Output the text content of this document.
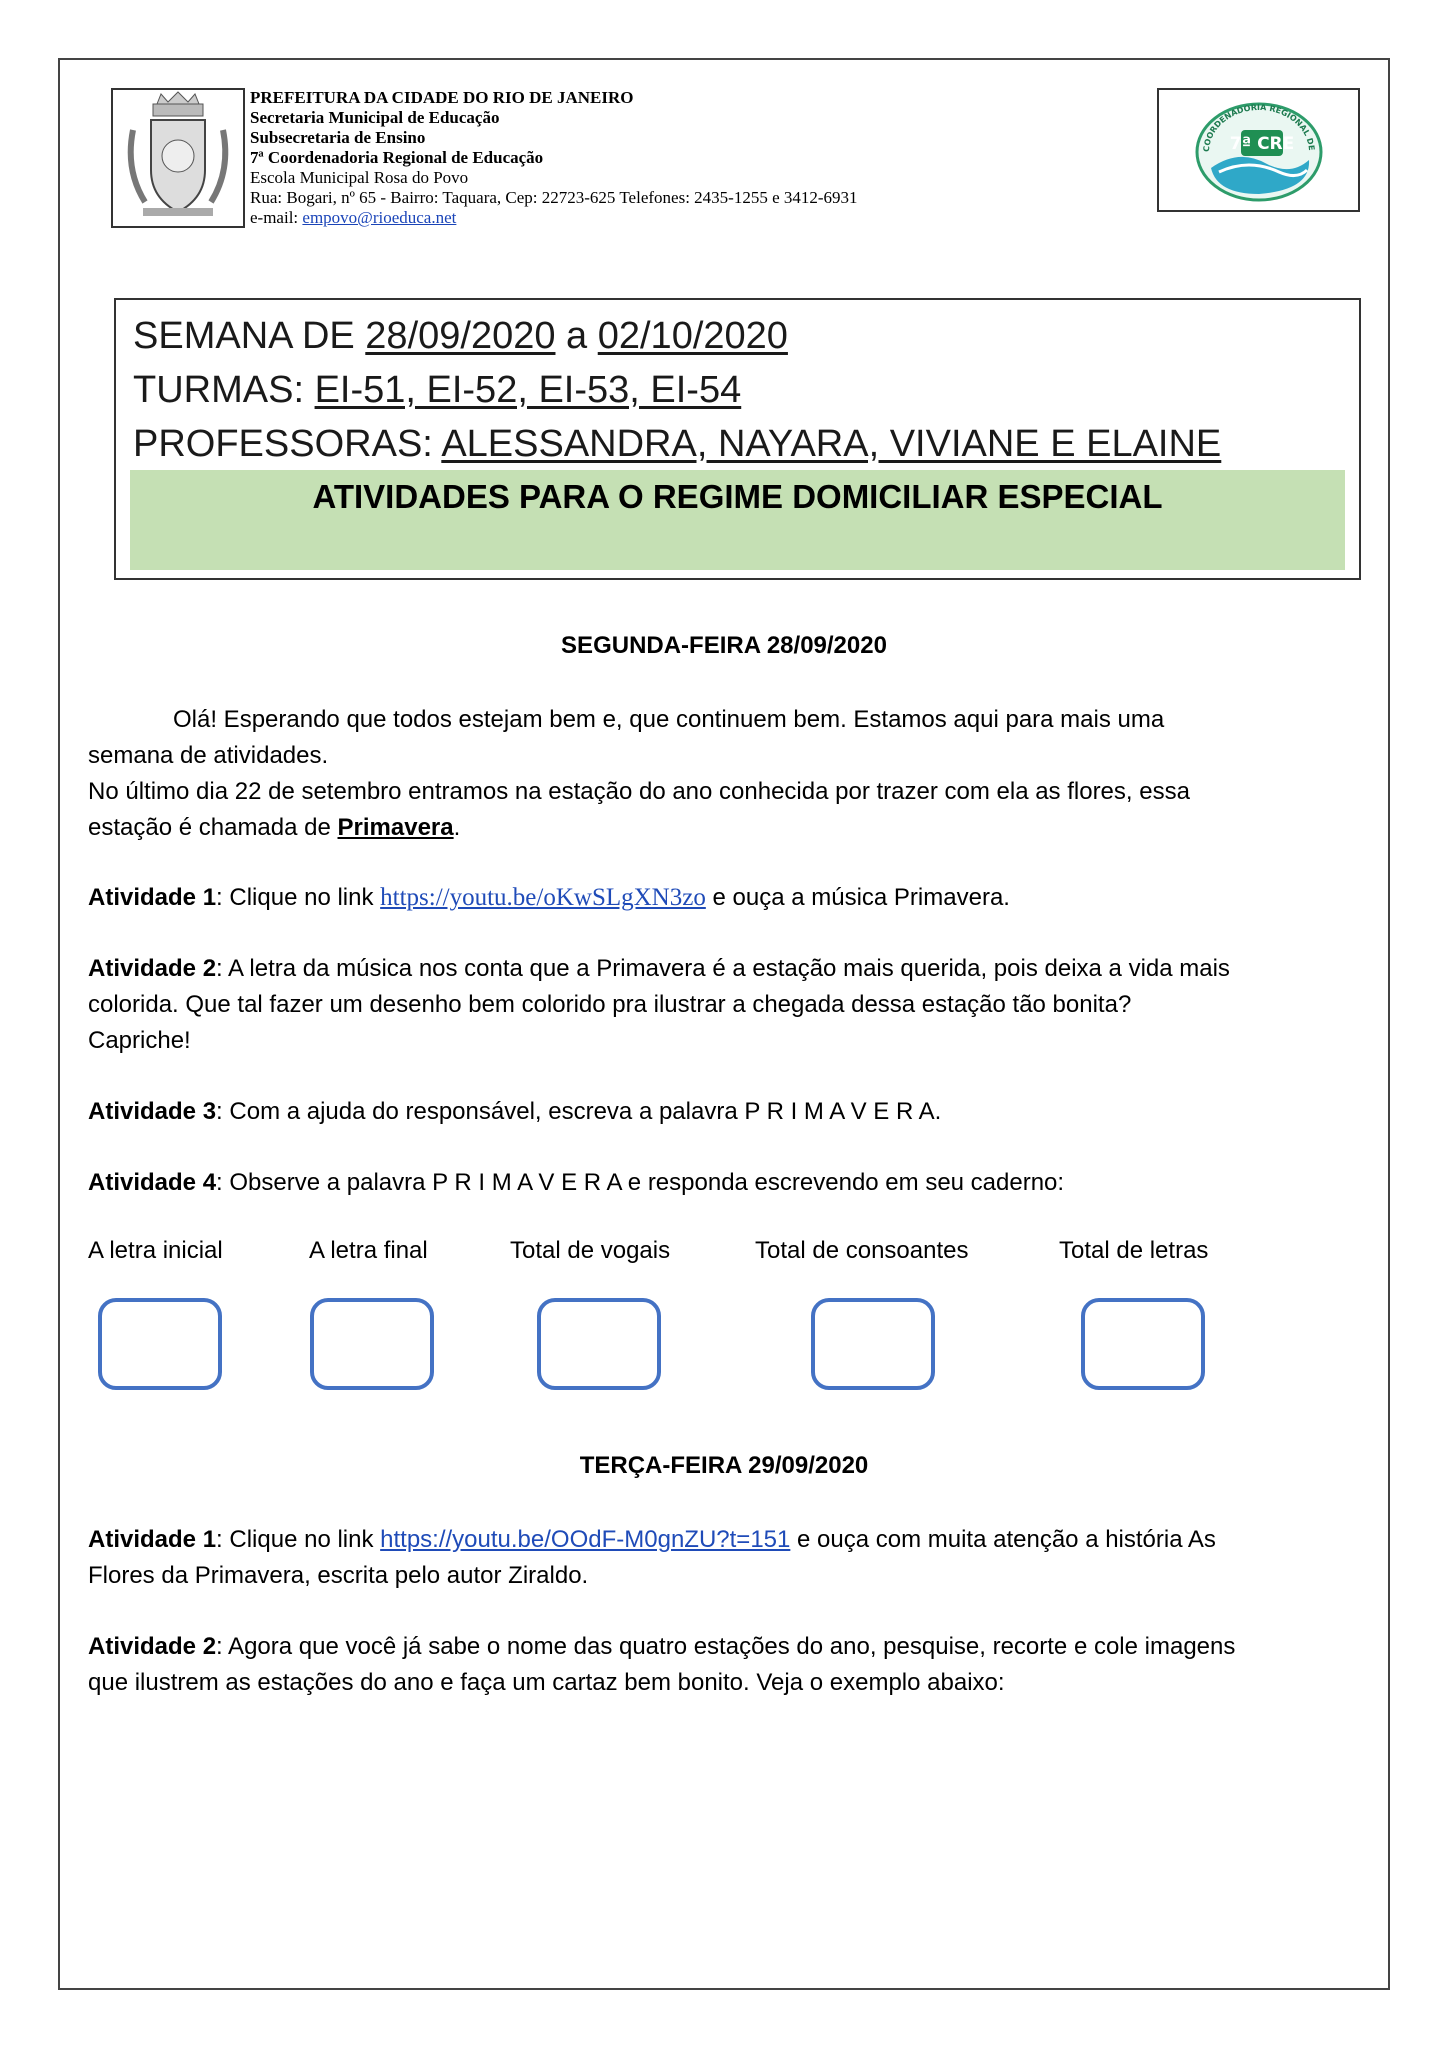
PREFEITURA DA CIDADE DO RIO DE JANEIRO
Secretaria Municipal de Educação
Subsecretaria de Ensino
7ª Coordenadoria Regional de Educação
Escola Municipal Rosa do Povo
Rua: Bogari, nº 65 - Bairro: Taquara, Cep: 22723-625 Telefones: 2435-1255 e 3412-6931
e-mail: empovo@rioeduca.net
COORDENADORIA REGIONAL DE
7ª CRE
SEMANA DE 28/09/2020 a 02/10/2020
TURMAS: EI-51, EI-52, EI-53, EI-54
PROFESSORAS: ALESSANDRA, NAYARA, VIVIANE E ELAINE
ATIVIDADES PARA O REGIME DOMICILIAR ESPECIAL
SEGUNDA-FEIRA 28/09/2020
Olá! Esperando que todos estejam bem e, que continuem bem. Estamos aqui para mais uma
semana de atividades.
No último dia 22 de setembro entramos na estação do ano conhecida por trazer com ela as flores, essa
estação é chamada de Primavera.
Atividade 1: Clique no link https://youtu.be/oKwSLgXN3zo e ouça a música Primavera.
Atividade 2: A letra da música nos conta que a Primavera é a estação mais querida, pois deixa a vida mais
colorida. Que tal fazer um desenho bem colorido pra ilustrar a chegada dessa estação tão bonita?
Capriche!
Atividade 3: Com a ajuda do responsável, escreva a palavra P R I M A V E R A.
Atividade 4: Observe a palavra P R I M A V E R A e responda escrevendo em seu caderno:
A letra inicial	A letra final	Total de vogais	Total de consoantes	Total de letras
TERÇA-FEIRA 29/09/2020
Atividade 1: Clique no link https://youtu.be/OOdF-M0gnZU?t=151 e ouça com muita atenção a história As
Flores da Primavera, escrita pelo autor Ziraldo.
Atividade 2: Agora que você já sabe o nome das quatro estações do ano, pesquise, recorte e cole imagens
que ilustrem as estações do ano e faça um cartaz bem bonito. Veja o exemplo abaixo:
